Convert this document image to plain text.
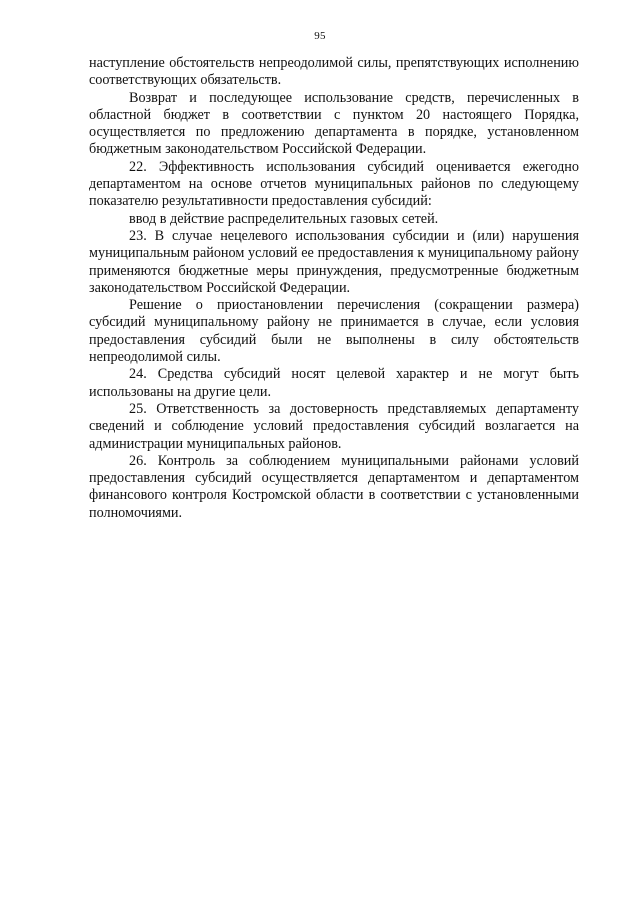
95

наступление обстоятельств непреодолимой силы, препятствующих исполнению соответствующих обязательств.

Возврат и последующее использование средств, перечисленных в областной бюджет в соответствии с пунктом 20 настоящего Порядка, осуществляется по предложению департамента в порядке, установленном бюджетным законодательством Российской Федерации.

22. Эффективность использования субсидий оценивается ежегодно департаментом на основе отчетов муниципальных районов по следующему показателю результативности предоставления субсидий:

ввод в действие распределительных газовых сетей.

23. В случае нецелевого использования субсидии и (или) нарушения муниципальным районом условий ее предоставления к муниципальному району применяются бюджетные меры принуждения, предусмотренные бюджетным законодательством Российской Федерации.

Решение о приостановлении перечисления (сокращении размера) субсидий муниципальному району не принимается в случае, если условия предоставления субсидий были не выполнены в силу обстоятельств непреодолимой силы.

24. Средства субсидий носят целевой характер и не могут быть использованы на другие цели.

25. Ответственность за достоверность представляемых департаменту сведений и соблюдение условий предоставления субсидий возлагается на администрации муниципальных районов.

26. Контроль за соблюдением муниципальными районами условий предоставления субсидий осуществляется департаментом и департаментом финансового контроля Костромской области в соответствии с установленными полномочиями.
